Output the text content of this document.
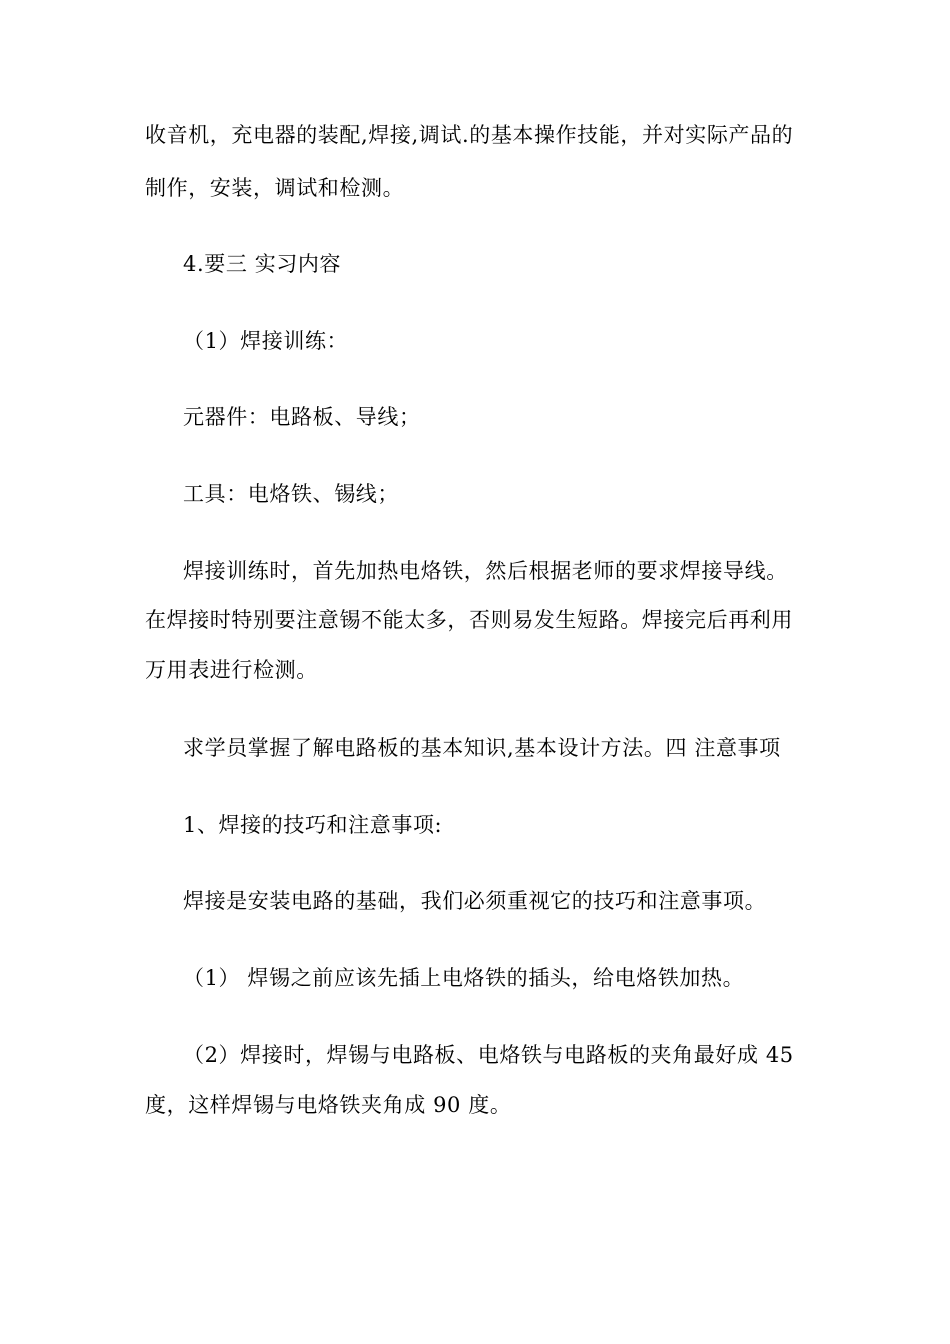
收音机，充电器的装配,焊接,调试.的基本操作技能，并对实际产品的
制作，安装，调试和检测。
4.要三 实习内容
（1）焊接训练：
元器件：电路板、导线；
工具：电烙铁、锡线；
焊接训练时，首先加热电烙铁，然后根据老师的要求焊接导线。
在焊接时特别要注意锡不能太多，否则易发生短路。焊接完后再利用
万用表进行检测。
求学员掌握了解电路板的基本知识,基本设计方法。四 注意事项
1、焊接的技巧和注意事项:
焊接是安装电路的基础，我们必须重视它的技巧和注意事项。
（1） 焊锡之前应该先插上电烙铁的插头，给电烙铁加热。
（2）焊接时，焊锡与电路板、电烙铁与电路板的夹角最好成 45
度，这样焊锡与电烙铁夹角成 90 度。
